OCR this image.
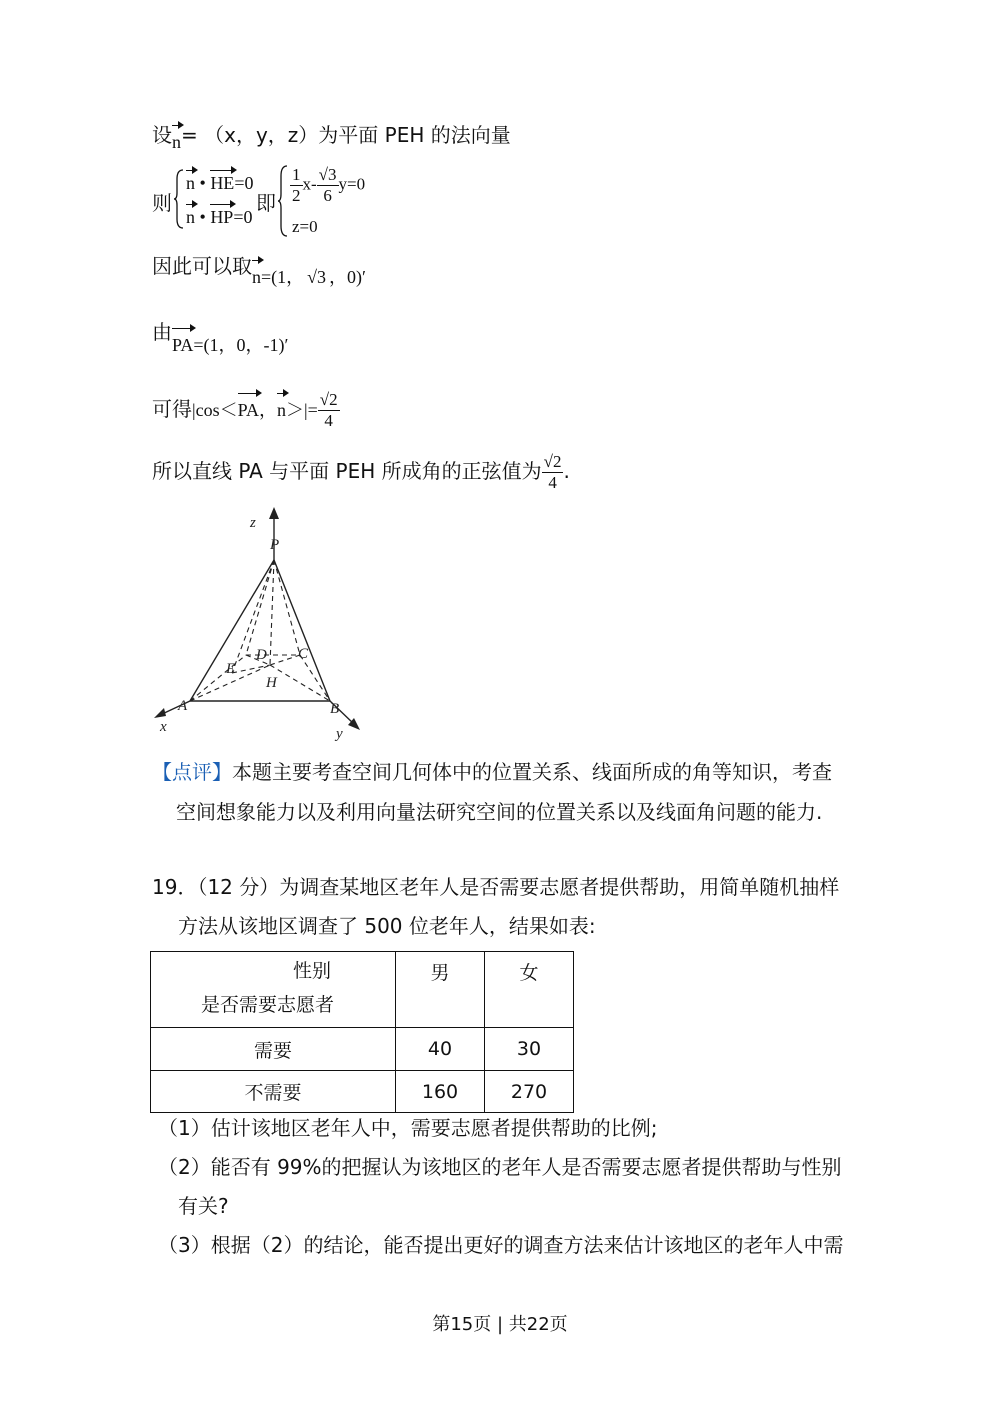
设n= （x，y，z）为平面 PEH 的法向量
则
n • HE=0
n • HP=0
即 $\frac{1}{2} x- \frac{√3}{6} y=0$
z=0
因此可以取n=(1， √3 ，0)′
由PA=(1，0，-1)′
可得|cos＜PA，$n>|= \frac{√2}{4}$
所以直线 PA 与平面 PEH 所成角的正弦值为 $\frac{√2}{4}$ .
z
P
D C
E
H
A	B
x	y
【点评】本题主要考查空间几何体中的位置关系、线面所成的角等知识，考查
空间想象能力以及利用向量法研究空间的位置关系以及线面角问题的能力.
19．（12 分）为调查某地区老年人是否需要志愿者提供帮助，用简单随机抽样
方法从该地区调查了 500 位老年人，结果如表:
性别
是否需要志愿者	男	女
需要	40	30
不需要	160	270
（1）估计该地区老年人中，需要志愿者提供帮助的比例;
（2）能否有 99%的把握认为该地区的老年人是否需要志愿者提供帮助与性别
有关?
（3）根据（2）的结论，能否提出更好的调查方法来估计该地区的老年人中需
第15页 | 共22页
